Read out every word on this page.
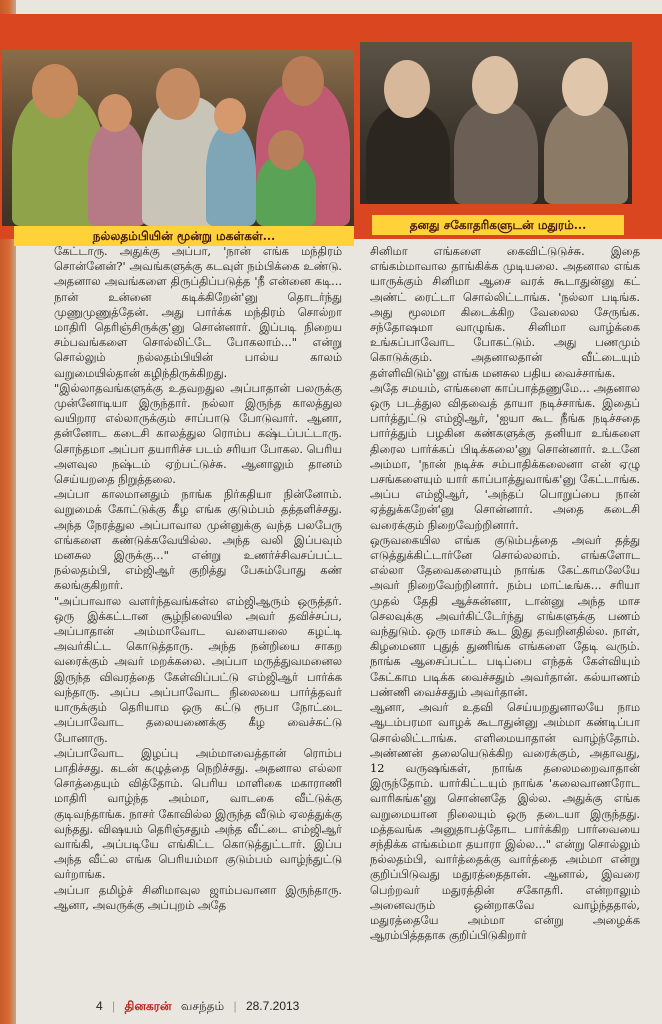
நல்லதம்பியின் மூன்று மகள்கள்...
தனது சகோதரிகளுடன் மதுரம்...

கேட்டாரு. அதுக்கு அப்பா, 'நான் எங்க மந்திரம் சொன்னேன்?' அவங்களுக்கு கடவுள் நம்பிக்கை உண்டு. அதனால அவங்களை திருப்திப்படுத்த 'நீ என்னை கடி... நான் உன்னை கடிக்கிறேன்'னு தொடர்ந்து முணுமுணுத்தேன். அது பார்க்க மந்திரம் சொல்றா மாதிரி தெரிஞ்சிருக்கு'னு சொன்னார். இப்படி நிறைய சம்பவங்களை சொல்லிட்டே போகலாம்..." என்று சொல்லும் நல்லதம்பியின் பால்ய காலம் வறுமையில்தான் கழிந்திருக்கிறது.

"இல்லாதவங்களுக்கு உதவறதுல அப்பாதான் பலருக்கு முன்னோடியா இருந்தார். நல்லா இருந்த காலத்துல வயிறார எல்லாருக்கும் சாப்பாடு போடுவார். ஆனா, தன்னோட கடைசி காலத்துல ரொம்ப கஷ்டப்பட்டாரு. சொந்தமா அப்பா தயாரிச்ச படம் சரியா போகல. பெரிய அளவுல நஷ்டம் ஏற்பட்டுச்சு. ஆனாலும் தானம் செய்யறதை நிறுத்தலை.

அப்பா காலமானதும் நாங்க நிர்கதியா நின்னோம். வறுமைக் கோட்டுக்கு கீழ எங்க குடும்பம் தத்தளிச்சது. அந்த நேரத்துல அப்பாவால முன்னுக்கு வந்த பலபேரு எங்களை கண்டுக்கவேயில்ல. அந்த வலி இப்பவும் மனசுல இருக்கு..." என்று உணர்ச்சிவசப்பட்ட நல்லதம்பி, எம்ஜிஆர் குறித்து பேசும்போது கண் கலங்குகிறார்.

"அப்பாவால வளர்ந்தவங்கள்ல எம்ஜிஆரும் ஒருத்தர். ஒரு இக்கட்டான சூழ்நிலையில அவர் தவிச்சப்ப, அப்பாதான் அம்மாவோட வளையலை கழட்டி அவர்கிட்ட கொடுத்தாரு. அந்த நன்றியை சாகற வரைக்கும் அவர் மறக்கலை. அப்பா மருத்துவமனைல இருந்த விவரத்தை கேள்விப்பட்டு எம்ஜிஆர் பார்க்க வந்தாரு. அப்ப அப்பாவோட நிலையை பார்த்தவர் யாருக்கும் தெரியாம ஒரு கட்டு ரூபா நோட்டை அப்பாவோட தலையணைக்கு கீழ வைச்சுட்டு போனாரு.

அப்பாவோட இழப்பு அம்மாவைத்தான் ரொம்ப பாதிச்சது. கடன் கழுத்தை நெறிச்சது. அதனால எல்லா சொத்தையும் வித்தோம். பெரிய மாளிகை மகாராணி மாதிரி வாழ்ந்த அம்மா, வாடகை வீட்டுக்கு குடிவந்தாங்க. நாசர் கோவில்ல இருந்த வீடும் ஏலத்துக்கு வந்தது. விஷயம் தெரிஞ்சதும் அந்த வீட்டை எம்ஜிஆர் வாங்கி, அப்படியே எங்கிட்ட கொடுத்துட்டார். இப்ப அந்த வீட்ல எங்க பெரியம்மா குடும்பம் வாழ்ந்துட்டு வர்றாங்க.

அப்பா தமிழ்ச் சினிமாவுல ஜாம்பவானா இருந்தாரு. ஆனா, அவருக்கு அப்புறம் அதே

சினிமா எங்களை கைவிட்டுடுச்சு. இதை எங்கம்மாவால தாங்கிக்க முடியலை. அதனால எங்க யாருக்கும் சினிமா ஆசை வரக் கூடாதுன்னு கட் அண்ட் ரைட்டா சொல்லிட்டாங்க. 'நல்லா படிங்க. அது மூலமா கிடைக்கிற வேலைல சேருங்க. சந்தோஷமா வாழுங்க. சினிமா வாழ்க்கை உங்கப்பாவோட போகட்டும். அது பணமும் கொடுக்கும். அதனாலதான் வீட்டையும் தள்ளிவிடும்'னு எங்க மனசுல பதிய வைச்சாங்க.

அதே சமயம், எங்களை காப்பாத்தணுமே... அதனால ஒரு படத்துல விதவைத் தாயா நடிச்சாங்க. இதைப் பார்த்துட்டு எம்ஜிஆர், 'ஐயா கூட நீங்க நடிச்சதை பார்த்தும் பழகின கண்களுக்கு தனியா உங்களை திரைல பார்க்கப் பிடிக்கலை'னு சொன்னார். உடனே அம்மா, 'நான் நடிச்சு சம்பாதிக்கலைனா என் ஏழு பசங்களையும் யார் காப்பாத்துவாங்க'னு கேட்டாங்க. அப்ப எம்ஜிஆர், 'அந்தப் பொறுப்பை நான் ஏத்துக்கறேன்'னு சொன்னார். அதை கடைசி வரைக்கும் நிறைவேற்றினார்.

ஒருவகையில எங்க குடும்பத்தை அவர் தத்து எடுத்துக்கிட்டார்னே சொல்லலாம். எங்களோட எல்லா தேவைகளையும் நாங்க கேட்காமலேயே அவர் நிறைவேற்றினார். நம்ப மாட்டீங்க... சரியா முதல் தேதி ஆச்சுன்னா, டான்னு அந்த மாச செலவுக்கு அவர்கிட்டேர்ந்து எங்களுக்கு பணம் வந்துடும். ஒரு மாசம் கூட இது தவறினதில்ல. நாள், கிழமைனா புதுத் துணிங்க எங்களை தேடி வரும். நாங்க ஆசைப்பட்ட படிப்பை எந்தக் கேள்வியும் கேட்காம படிக்க வைச்சதும் அவர்தான். கல்யாணம் பண்ணி வைச்சதும் அவர்தான்.

ஆனா, அவர் உதவி செய்யறதுனாலயே நாம ஆடம்பரமா வாழக் கூடாதுன்னு அம்மா கண்டிப்பா சொல்லிட்டாங்க. எளிமையாதான் வாழ்ந்தோம். அண்ணன் தலையெடுக்கிற வரைக்கும், அதாவது, 12 வருஷங்கள், நாங்க தலைமறைவாதான் இருந்தோம். யார்கிட்டயும் நாங்க 'கலைவாணரோட வாரிசுங்க'னு சொன்னதே இல்ல. அதுக்கு எங்க வறுமையான நிலையும் ஒரு தடையா இருந்தது. மத்தவங்க அனுதாபத்தோட பார்க்கிற பார்வையை சந்திக்க எங்கம்மா தயாரா இல்ல..." என்று சொல்லும் நல்லதம்பி, வார்த்தைக்கு வார்த்தை அம்மா என்று குறிப்பிடுவது மதுரத்தைதான். ஆனால், இவரை பெற்றவர் மதுரத்தின் சகோதரி. என்றாலும் அனைவரும் ஒன்றாகவே வாழ்ந்ததால், மதுரத்தையே அம்மா என்று அழைக்க ஆரம்பித்ததாக குறிப்பிடுகிறார்

4 | தினகரன் வசந்தம் | 28.7.2013
